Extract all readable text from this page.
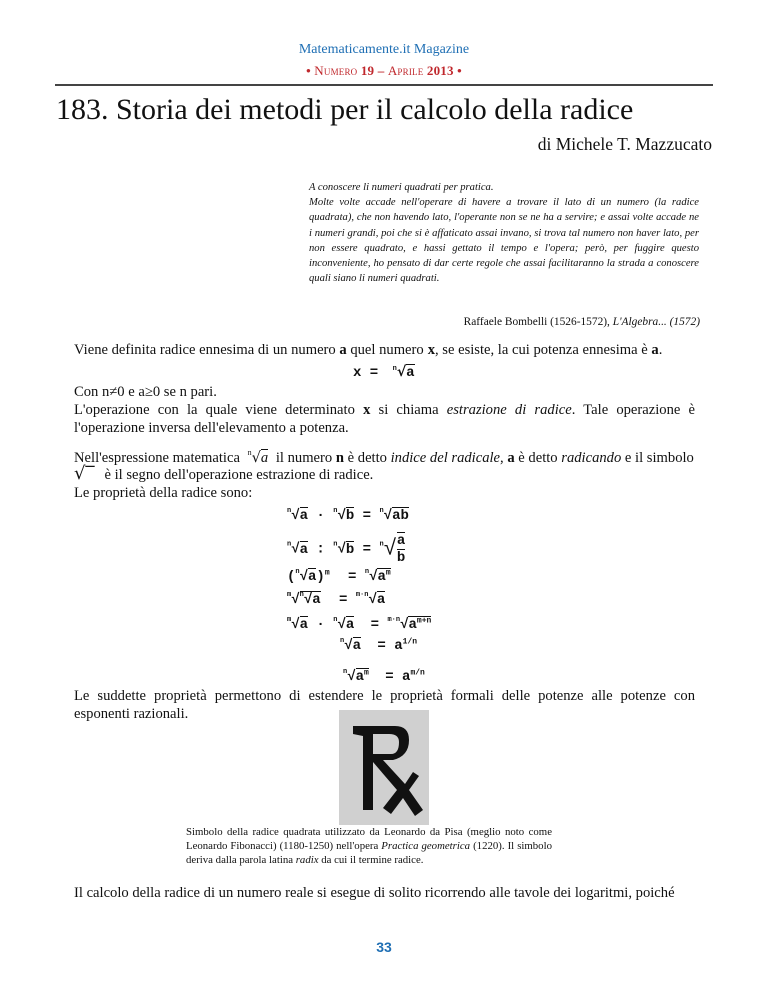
Matematicamente.it Magazine
• Numero 19 – Aprile 2013 •
183. Storia dei metodi per il calcolo della radice
di Michele T. Mazzucato

A conoscere li numeri quadrati per pratica.

Molte volte accade nell'operare di havere a trovare il lato di un numero (la radice quadrata), che non havendo lato, l'operante non se ne ha a servire; e assai volte accade ne i numeri grandi, poi che si è affaticato assai invano, si trova tal numero non haver lato, per non essere quadrato, e hassi gettato il tempo e l'opera; però, per fuggire questo inconveniente, ho pensato di dar certe regole che assai facilitaranno la strada a conoscere quali siano li numeri quadrati.

Raffaele Bombelli (1526-1572), L'Algebra... (1572)
Viene definita radice ennesima di un numero a quel numero x, se esiste, la cui potenza ennesima è a.
x = $^n$√a
Con n≠0 e a≥0 se n pari.
L'operazione con la quale viene determinato x si chiama estrazione di radice. Tale operazione è l'operazione inversa dell'elevamento a potenza.
Nell'espressione matematica $^n$√a il numero n è detto indice del radicale, a è detto radicando e il simbolo
√‾ è il segno dell'operazione estrazione di radice.
Le proprietà della radice sono:
$^n$√a · $^n$√b = $^n$√ab
$^n$√a : $^n√b = ^n√ \frac{a}{b}$
$(^n√a)^m = ^n√a^m$
$^m$√$^n$√a = $^{m\cdot n}$√a
$^m√a \cdot ^n√a = ^{m\cdot n}√a^{m+n}$
$^n√a = a^{1/n}$
$^n√a^m = a^{m/n}$
Le suddette proprietà permettono di estendere le proprietà formali delle potenze alle potenze con esponenti razionali.
Simbolo della radice quadrata utilizzato da Leonardo da Pisa (meglio noto come Leonardo Fibonacci) (1180-1250) nell'opera Practica geometrica (1220). Il simbolo deriva dalla parola latina radix da cui il termine radice.
Il calcolo della radice di un numero reale si esegue di solito ricorrendo alle tavole dei logaritmi, poiché
33
